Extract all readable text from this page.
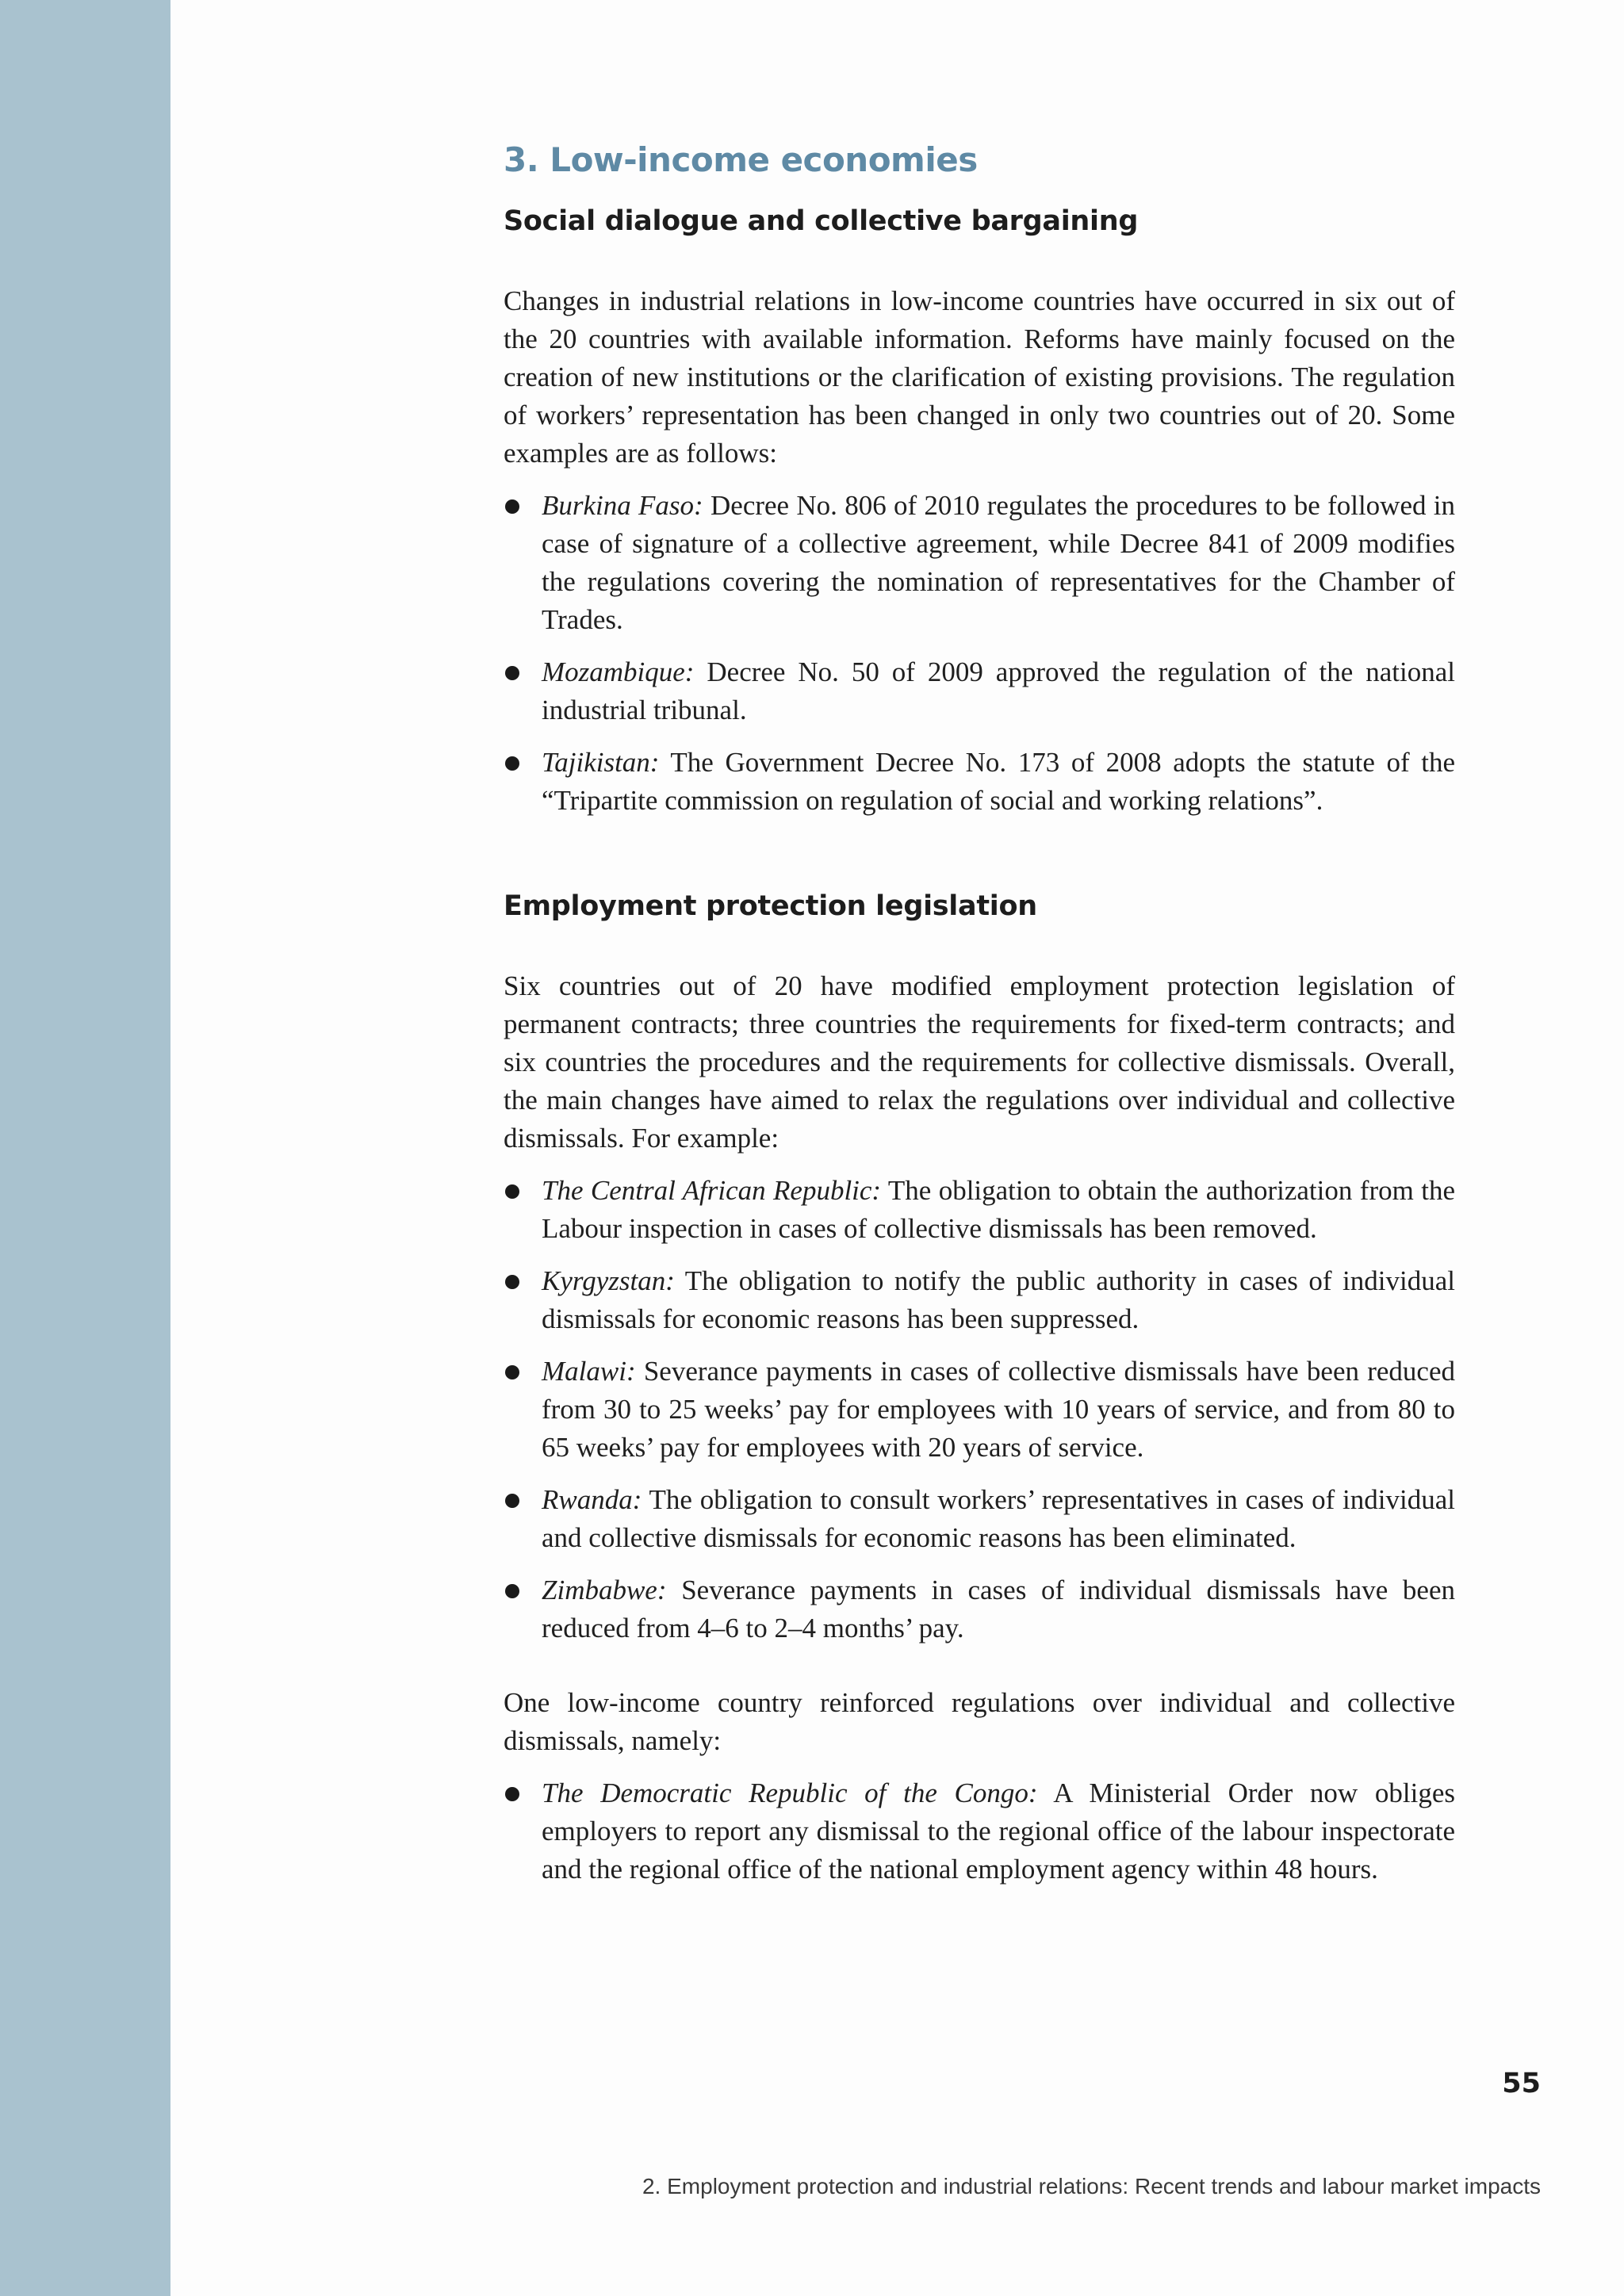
3. Low-income economies
Social dialogue and collective bargaining

Changes in industrial relations in low-income countries have occurred in six out of the 20 countries with available information. Reforms have mainly focused on the creation of new institutions or the clarification of existing provisions. The regulation of workers’ representation has been changed in only two countries out of 20. Some examples are as follows:

Burkina Faso: Decree No. 806 of 2010 regulates the procedures to be followed in case of signature of a collective agreement, while Decree 841 of 2009 modifies the regulations covering the nomination of representatives for the Chamber of Trades.
Mozambique: Decree No. 50 of 2009 approved the regulation of the national industrial tribunal.
Tajikistan: The Government Decree No. 173 of 2008 adopts the statute of the “Tripartite commission on regulation of social and working relations”.
Employment protection legislation

Six countries out of 20 have modified employment protection legislation of permanent contracts; three countries the requirements for fixed-term contracts; and six countries the procedures and the requirements for collective dismissals. Overall, the main changes have aimed to relax the regulations over individual and collective dismissals. For example:

The Central African Republic: The obligation to obtain the authorization from the Labour inspection in cases of collective dismissals has been removed.
Kyrgyzstan: The obligation to notify the public authority in cases of individual dismissals for economic reasons has been suppressed.
Malawi: Severance payments in cases of collective dismissals have been reduced from 30 to 25 weeks’ pay for employees with 10 years of service, and from 80 to 65 weeks’ pay for employees with 20 years of service.
Rwanda: The obligation to consult workers’ representatives in cases of individual and collective dismissals for economic reasons has been eliminated.
Zimbabwe: Severance payments in cases of individual dismissals have been reduced from 4–6 to 2–4 months’ pay.

One low-income country reinforced regulations over individual and collective dismissals, namely:

The Democratic Republic of the Congo: A Ministerial Order now obliges employers to report any dismissal to the regional office of the labour inspectorate and the regional office of the national employment agency within 48 hours.
55
2. Employment protection and industrial relations: Recent trends and labour market impacts
